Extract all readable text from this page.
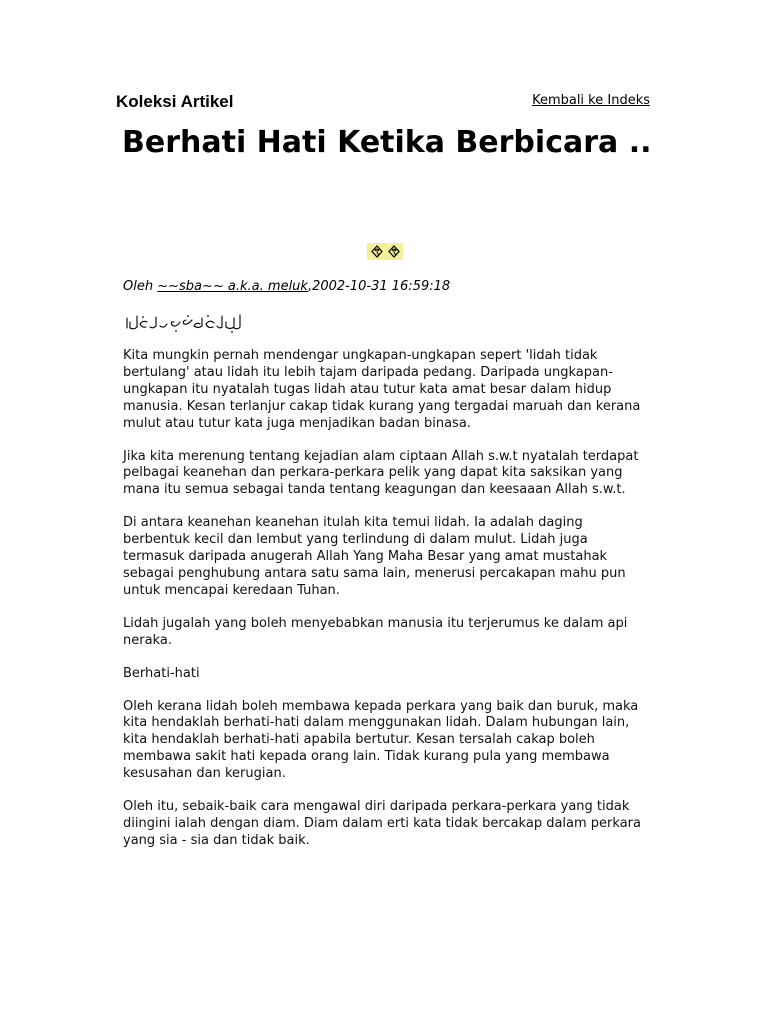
Koleksi Artikel	Kembali ke Indeks
Berhati Hati Ketika Berbicara ..
Oleh ~~sba~~ a.k.a. meluk,2002-10-31 16:59:18
السلام عليكم ورحمة الله

Kita mungkin pernah mendengar ungkapan-ungkapan sepert 'lidah tidak bertulang' atau lidah itu lebih tajam daripada pedang. Daripada ungkapan-ungkapan itu nyatalah tugas lidah atau tutur kata amat besar dalam hidup manusia. Kesan terlanjur cakap tidak kurang yang tergadai maruah dan kerana mulut atau tutur kata juga menjadikan badan binasa.

Jika kita merenung tentang kejadian alam ciptaan Allah s.w.t nyatalah terdapat pelbagai keanehan dan perkara-perkara pelik yang dapat kita saksikan yang mana itu semua sebagai tanda tentang keagungan dan keesaaan Allah s.w.t.

Di antara keanehan keanehan itulah kita temui lidah. Ia adalah daging berbentuk kecil dan lembut yang terlindung di dalam mulut. Lidah juga termasuk daripada anugerah Allah Yang Maha Besar yang amat mustahak sebagai penghubung antara satu sama lain, menerusi percakapan mahu pun untuk mencapai keredaan Tuhan.

Lidah jugalah yang boleh menyebabkan manusia itu terjerumus ke dalam api neraka.

Berhati-hati

Oleh kerana lidah boleh membawa kepada perkara yang baik dan buruk, maka kita hendaklah berhati-hati dalam menggunakan lidah. Dalam hubungan lain, kita hendaklah berhati-hati apabila bertutur. Kesan tersalah cakap boleh membawa sakit hati kepada orang lain. Tidak kurang pula yang membawa kesusahan dan kerugian.

Oleh itu, sebaik-baik cara mengawal diri daripada perkara-perkara yang tidak diingini ialah dengan diam. Diam dalam erti kata tidak bercakap dalam perkara yang sia - sia dan tidak baik.
